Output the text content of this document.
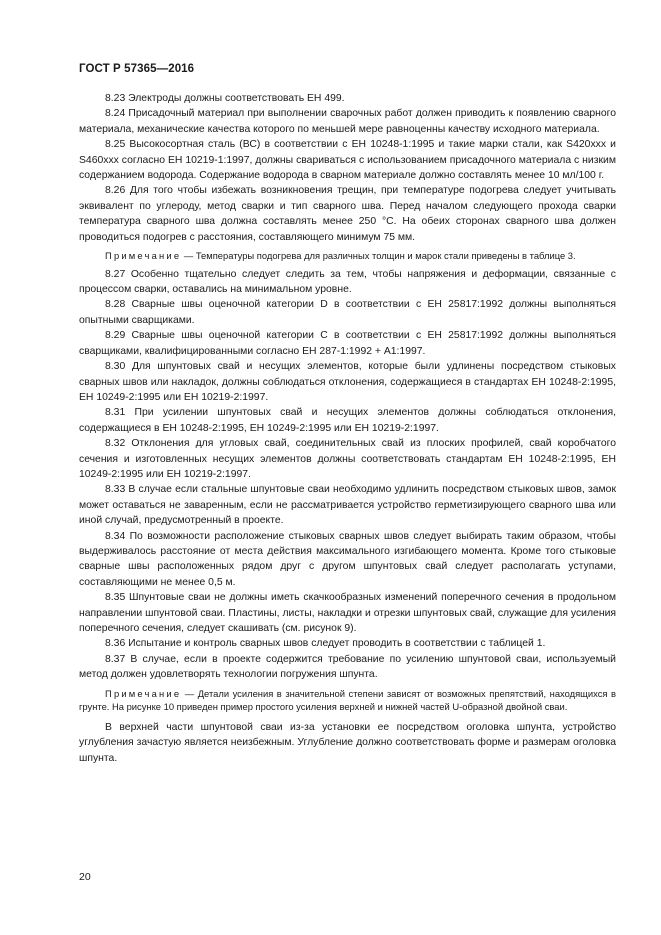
ГОСТ Р 57365—2016

8.23 Электроды должны соответствовать ЕН 499.

8.24 Присадочный материал при выполнении сварочных работ должен приводить к появлению сварного материала, механические качества которого по меньшей мере равноценны качеству исходного материала.

8.25 Высокосортная сталь (ВС) в соответствии с ЕН 10248-1:1995 и такие марки стали, как S420xxx и S460xxx согласно ЕН 10219-1:1997, должны свариваться с использованием присадочного материала с низким содержанием водорода. Содержание водорода в сварном материале должно составлять менее 10 мл/100 г.

8.26 Для того чтобы избежать возникновения трещин, при температуре подогрева следует учитывать эквивалент по углероду, метод сварки и тип сварного шва. Перед началом следующего прохода сварки температура сварного шва должна составлять менее 250 °С. На обеих сторонах сварного шва должен проводиться подогрев с расстояния, составляющего минимум 75 мм.

Примечание — Температуры подогрева для различных толщин и марок стали приведены в таблице 3.

8.27 Особенно тщательно следует следить за тем, чтобы напряжения и деформации, связанные с процессом сварки, оставались на минимальном уровне.

8.28 Сварные швы оценочной категории D в соответствии с ЕН 25817:1992 должны выполняться опытными сварщиками.

8.29 Сварные швы оценочной категории С в соответствии с ЕН 25817:1992 должны выполняться сварщиками, квалифицированными согласно ЕН 287-1:1992 + А1:1997.

8.30 Для шпунтовых свай и несущих элементов, которые были удлинены посредством стыковых сварных швов или накладок, должны соблюдаться отклонения, содержащиеся в стандартах ЕН 10248-2:1995, ЕН 10249-2:1995 или ЕН 10219-2:1997.

8.31 При усилении шпунтовых свай и несущих элементов должны соблюдаться отклонения, содержащиеся в ЕН 10248-2:1995, ЕН 10249-2:1995 или ЕН 10219-2:1997.

8.32 Отклонения для угловых свай, соединительных свай из плоских профилей, свай коробчатого сечения и изготовленных несущих элементов должны соответствовать стандартам ЕН 10248-2:1995, ЕН 10249-2:1995 или ЕН 10219-2:1997.

8.33 В случае если стальные шпунтовые сваи необходимо удлинить посредством стыковых швов, замок может оставаться не заваренным, если не рассматривается устройство герметизирующего сварного шва или иной случай, предусмотренный в проекте.

8.34 По возможности расположение стыковых сварных швов следует выбирать таким образом, чтобы выдерживалось расстояние от места действия максимального изгибающего момента. Кроме того стыковые сварные швы расположенных рядом друг с другом шпунтовых свай следует располагать уступами, составляющими не менее 0,5 м.

8.35 Шпунтовые сваи не должны иметь скачкообразных изменений поперечного сечения в продольном направлении шпунтовой сваи. Пластины, листы, накладки и отрезки шпунтовых свай, служащие для усиления поперечного сечения, следует скашивать (см. рисунок 9).

8.36 Испытание и контроль сварных швов следует проводить в соответствии с таблицей 1.

8.37 В случае, если в проекте содержится требование по усилению шпунтовой сваи, используемый метод должен удовлетворять технологии погружения шпунта.

Примечание — Детали усиления в значительной степени зависят от возможных препятствий, находящихся в грунте. На рисунке 10 приведен пример простого усиления верхней и нижней частей U-образной двойной сваи.

В верхней части шпунтовой сваи из-за установки ее посредством оголовка шпунта, устройство углубления зачастую является неизбежным. Углубление должно соответствовать форме и размерам оголовка шпунта.

20
